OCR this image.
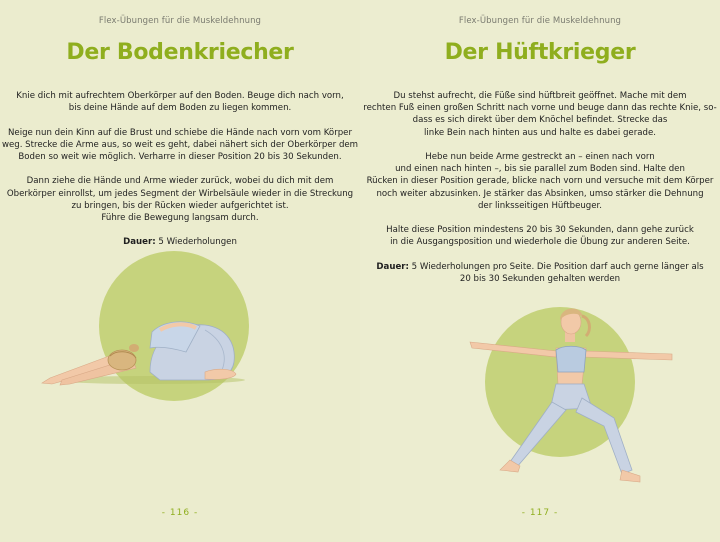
Flex-Übungen für die Muskeldehnung
Der Bodenkriecher

Knie dich mit aufrechtem Oberkörper auf den Boden. Beuge dich nach vorn,
bis deine Hände auf dem Boden zu liegen kommen.

Neige nun dein Kinn auf die Brust und schiebe die Hände nach vorn vom Körper
weg. Strecke die Arme aus, so weit es geht, dabei nähert sich der Oberkörper dem
Boden so weit wie möglich. Verharre in dieser Position 20 bis 30 Sekunden.

Dann ziehe die Hände und Arme wieder zurück, wobei du dich mit dem
Oberkörper einrollst, um jedes Segment der Wirbelsäule wieder in die Streckung
zu bringen, bis der Rücken wieder aufgerichtet ist.
Führe die Bewegung langsam durch.

Dauer: 5 Wiederholungen

- 116 -
Flex-Übungen für die Muskeldehnung
Der Hüftkrieger

Du stehst aufrecht, die Füße sind hüftbreit geöffnet. Mache mit dem
rechten Fuß einen großen Schritt nach vorne und beuge dann das rechte Knie, so-
dass es sich direkt über dem Knöchel befindet. Strecke das
linke Bein nach hinten aus und halte es dabei gerade.

Hebe nun beide Arme gestreckt an – einen nach vorn
und einen nach hinten –, bis sie parallel zum Boden sind. Halte den
Rücken in dieser Position gerade, blicke nach vorn und versuche mit dem Körper
noch weiter abzusinken. Je stärker das Absinken, umso stärker die Dehnung
der linksseitigen Hüftbeuger.

Halte diese Position mindestens 20 bis 30 Sekunden, dann gehe zurück
in die Ausgangsposition und wiederhole die Übung zur anderen Seite.

Dauer: 5 Wiederholungen pro Seite. Die Position darf auch gerne länger als
20 bis 30 Sekunden gehalten werden

- 117 -
